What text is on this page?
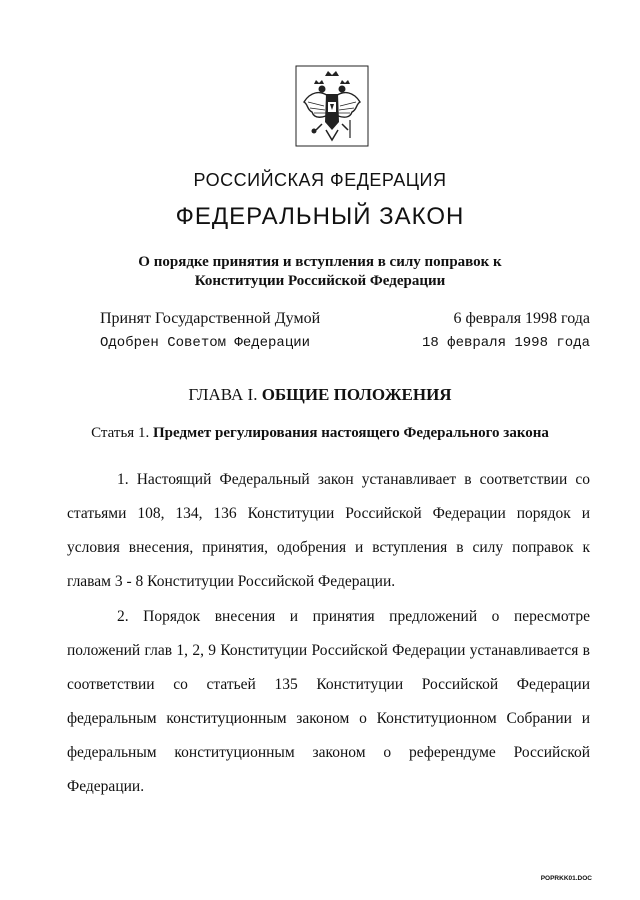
РОССИЙСКАЯ ФЕДЕРАЦИЯ
ФЕДЕРАЛЬНЫЙ ЗАКОН
О порядке принятия и вступления в силу поправок к
Конституции Российской Федерации
Принят Государственной Думой	6 февраля 1998 года
Одобрен Советом Федерации	18 февраля 1998 года
ГЛАВА I. ОБЩИЕ ПОЛОЖЕНИЯ
Статья 1. Предмет регулирования настоящего Федерального закона

1. Настоящий Федеральный закон устанавливает в соответствии со статьями 108, 134, 136 Конституции Российской Федерации порядок и условия внесения, принятия, одобрения и вступления в силу поправок к главам 3 - 8 Конституции Российской Федерации.

2. Порядок внесения и принятия предложений о пересмотре положений глав 1, 2, 9 Конституции Российской Федерации устанавливается в соответствии со статьей 135 Конституции Российской Федерации федеральным конституционным законом о Конституционном Собрании и федеральным конституционным законом о референдуме Российской Федерации.

POPRKK01.DOC
